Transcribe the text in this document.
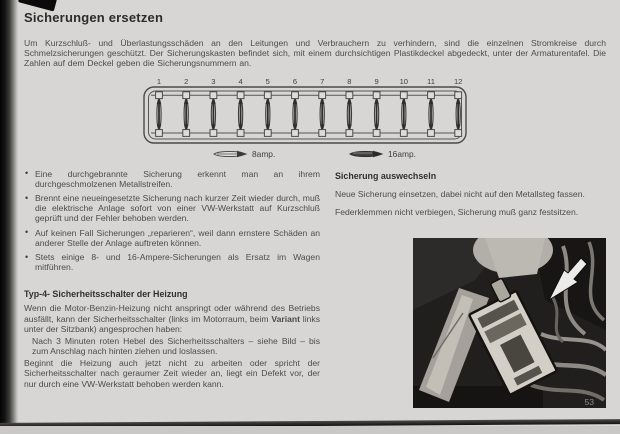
Sicherungen ersetzen

Um Kurzschluß- und Überlastungsschäden an den Leitungen und Verbrauchern zu verhindern, sind die einzelnen Stromkreise durch Schmelzsicherungen geschützt. Der Sicherungskasten befindet sich, mit einem durchsichtigen Plastikdeckel abgedeckt, unter der Armaturentafel. Die Zahlen auf dem Deckel geben die Sicherungsnummern an.

1	2	3	4	5	6	7	8	9	10	11	12
8amp.	16amp.
• Eine durchgebrannte Sicherung erkennt man an ihrem durchgeschmolzenen Metallstreifen.
• Brennt eine neueingesetzte Sicherung nach kurzer Zeit wieder durch, muß die elektrische Anlage sofort von einer VW-Werkstatt auf Kurzschluß geprüft und der Fehler behoben werden.
• Auf keinen Fall Sicherungen „reparieren“, weil dann ernstere Schäden an anderer Stelle der Anlage auftreten können.
• Stets einige 8- und 16-Ampere-Sicherungen als Ersatz im Wagen mitführen.
Typ-4- Sicherheitsschalter der Heizung

Wenn die Motor-Benzin-Heizung nicht anspringt oder während des Betriebs ausfällt, kann der Sicherheitsschalter (links im Motorraum, beim Variant links unter der Sitzbank) angesprochen haben:

Nach 3 Minuten roten Hebel des Sicherheitsschalters – siehe Bild – bis zum Anschlag nach hinten ziehen und loslassen.

Beginnt die Heizung auch jetzt nicht zu arbeiten oder spricht der Sicherheitsschalter nach geraumer Zeit wieder an, liegt ein Defekt vor, der nur durch eine VW-Werkstatt behoben werden kann.

Sicherung auswechseln

Neue Sicherung einsetzen, dabei nicht auf den Metallsteg fassen.

Federklemmen nicht verbiegen, Sicherung muß ganz festsitzen.

53
